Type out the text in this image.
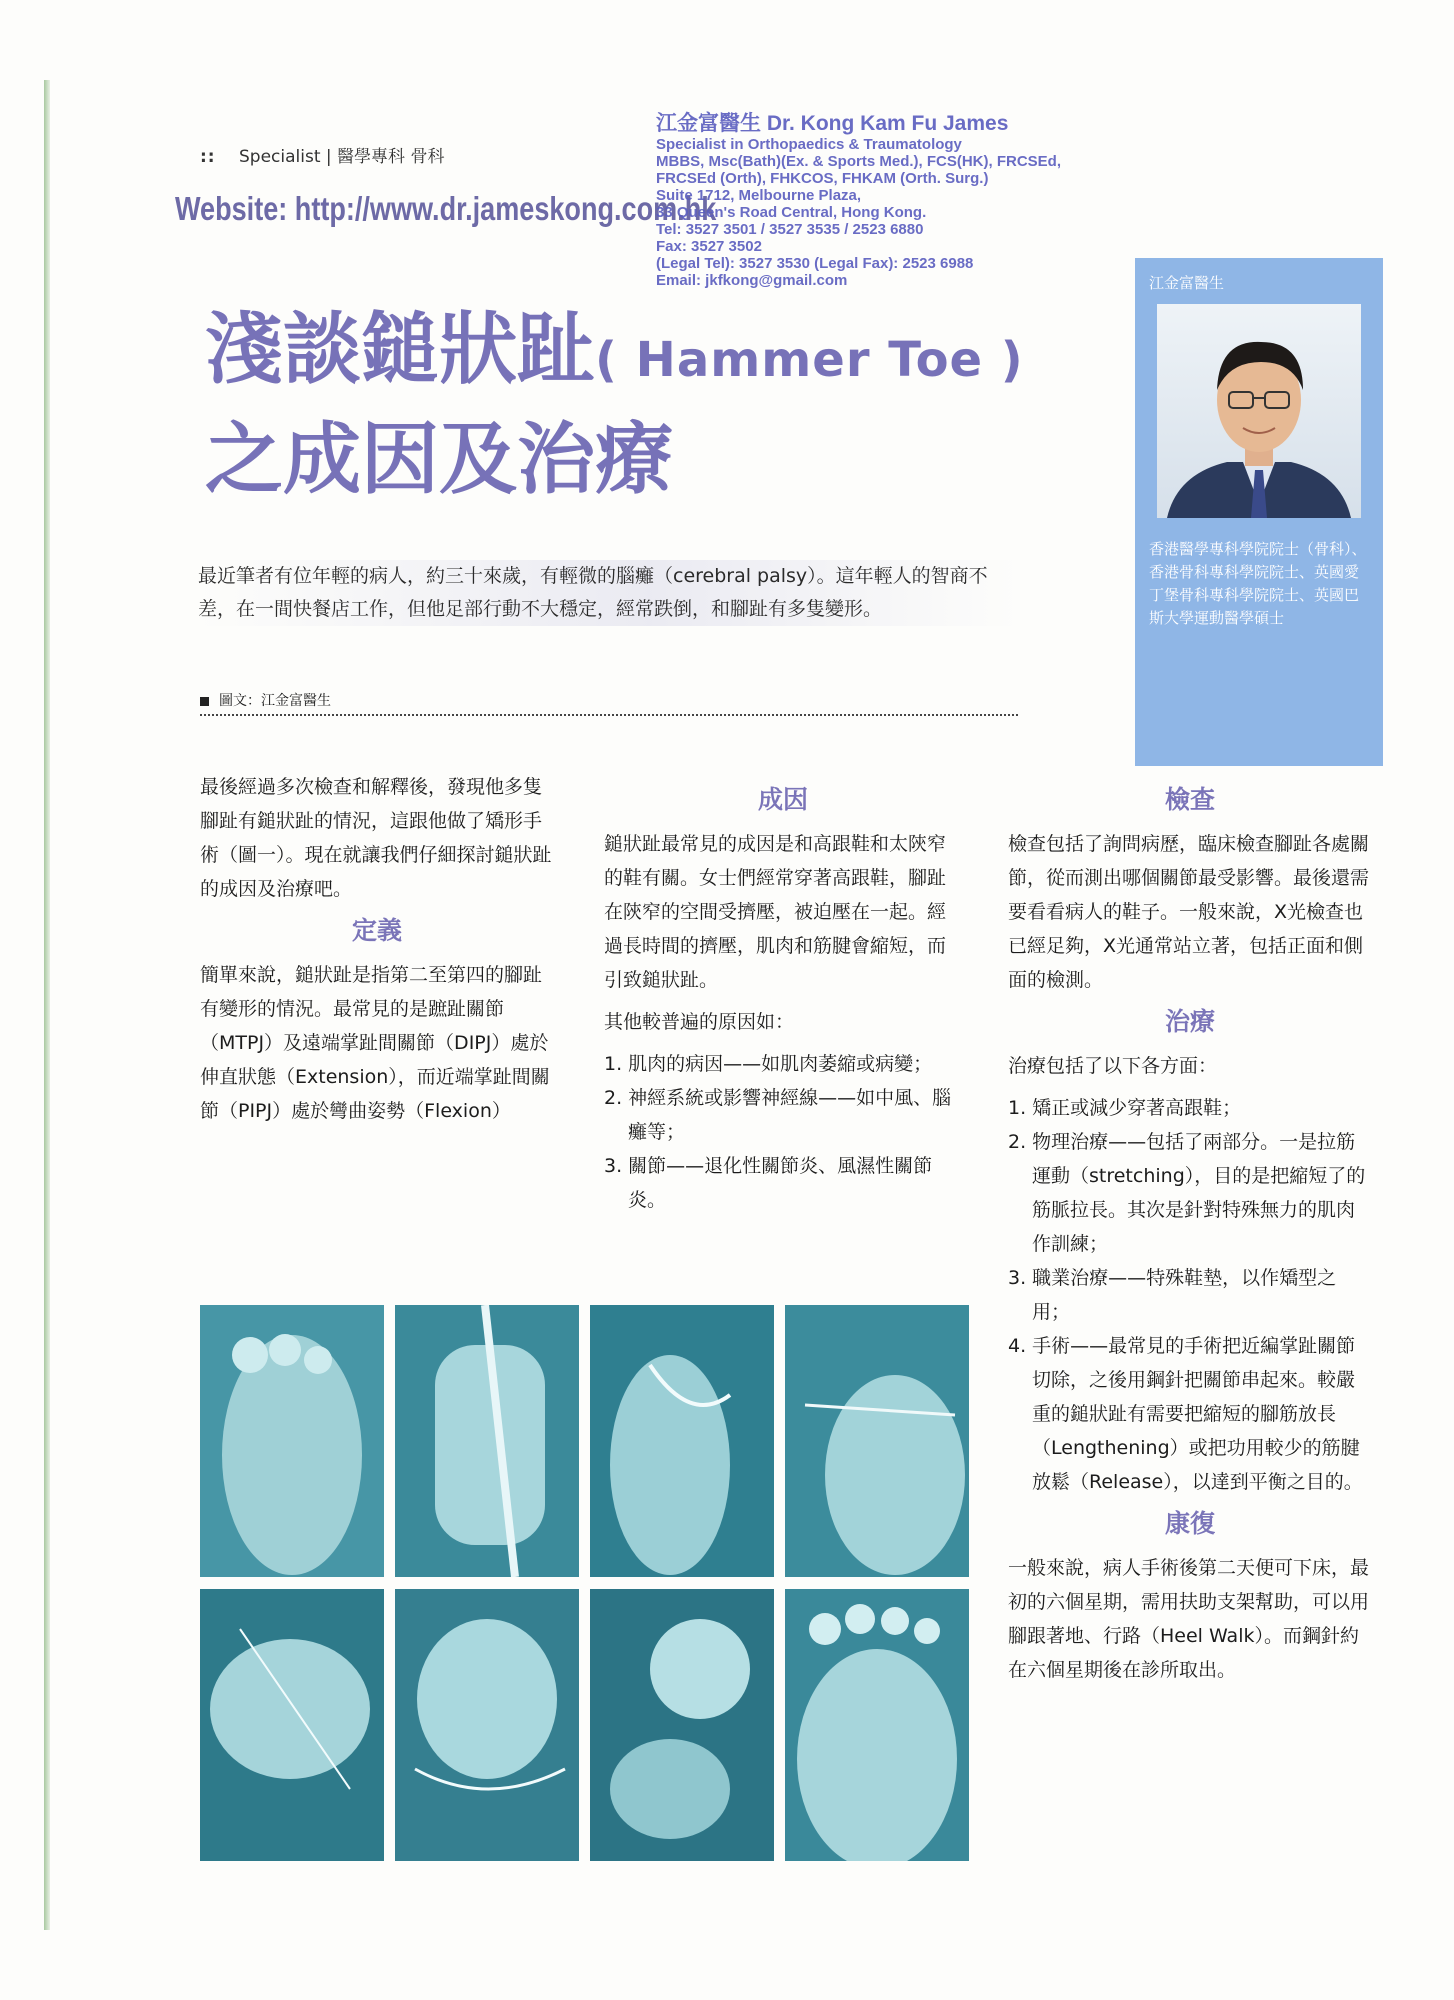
:: Specialist | 醫學專科 骨科
Website: http://www.dr.jameskong.com.hk
江金富醫生 Dr. Kong Kam Fu James
Specialist in Orthopaedics & Traumatology
MBBS, Msc(Bath)(Ex. & Sports Med.), FCS(HK), FRCSEd,
FRCSEd (Orth), FHKCOS, FHKAM (Orth. Surg.)
Suite 1712, Melbourne Plaza,
33 Queen's Road Central, Hong Kong.
Tel: 3527 3501 / 3527 3535 / 2523 6880
Fax: 3527 3502
(Legal Tel): 3527 3530 (Legal Fax): 2523 6988
Email: jkfkong@gmail.com
淺談鎚狀趾( Hammer Toe )
之成因及治療
最近筆者有位年輕的病人，約三十來歲，有輕微的腦癱（cerebral palsy）。這年輕人的智商不差，在一間快餐店工作，但他足部行動不大穩定，經常跌倒，和腳趾有多隻變形。
圖文：江金富醫生
江金富醫生
香港醫學專科學院院士（骨科）、香港骨科專科學院院士、英國愛丁堡骨科專科學院院士、英國巴斯大學運動醫學碩士

最後經過多次檢查和解釋後，發現他多隻腳趾有鎚狀趾的情況，這跟他做了矯形手術（圖一）。現在就讓我們仔細探討鎚狀趾的成因及治療吧。

定義

簡單來說，鎚狀趾是指第二至第四的腳趾有變形的情況。最常見的是蹠趾關節（MTPJ）及遠端掌趾間關節（DIPJ）處於伸直狀態（Extension），而近端掌趾間關節（PIPJ）處於彎曲姿勢（Flexion）

成因

鎚狀趾最常見的成因是和高跟鞋和太陝窄的鞋有關。女士們經常穿著高跟鞋，腳趾在陝窄的空間受擠壓，被迫壓在一起。經過長時間的擠壓，肌肉和筋腱會縮短，而引致鎚狀趾。

其他較普遍的原因如：

1. 肌肉的病因——如肌肉萎縮或病變；
2. 神經系統或影響神經線——如中風、腦癱等；
3. 關節——退化性關節炎、風濕性關節炎。
檢查

檢查包括了詢問病歷，臨床檢查腳趾各處關節，從而測出哪個關節最受影響。最後還需要看看病人的鞋子。一般來說，X光檢查也已經足夠，X光通常站立著，包括正面和側面的檢測。

治療

治療包括了以下各方面：

1. 矯正或減少穿著高跟鞋；
2. 物理治療——包括了兩部分。一是拉筋運動（stretching），目的是把縮短了的筋脈拉長。其次是針對特殊無力的肌肉作訓練；
3. 職業治療——特殊鞋墊，以作矯型之用；
4. 手術——最常見的手術把近編掌趾關節切除，之後用鋼針把關節串起來。較嚴重的鎚狀趾有需要把縮短的腳筋放長（Lengthening）或把功用較少的筋腱放鬆（Release），以達到平衡之目的。
康復

一般來說，病人手術後第二天便可下床，最初的六個星期，需用扶助支架幫助，可以用腳跟著地、行路（Heel Walk）。而鋼針約在六個星期後在診所取出。
